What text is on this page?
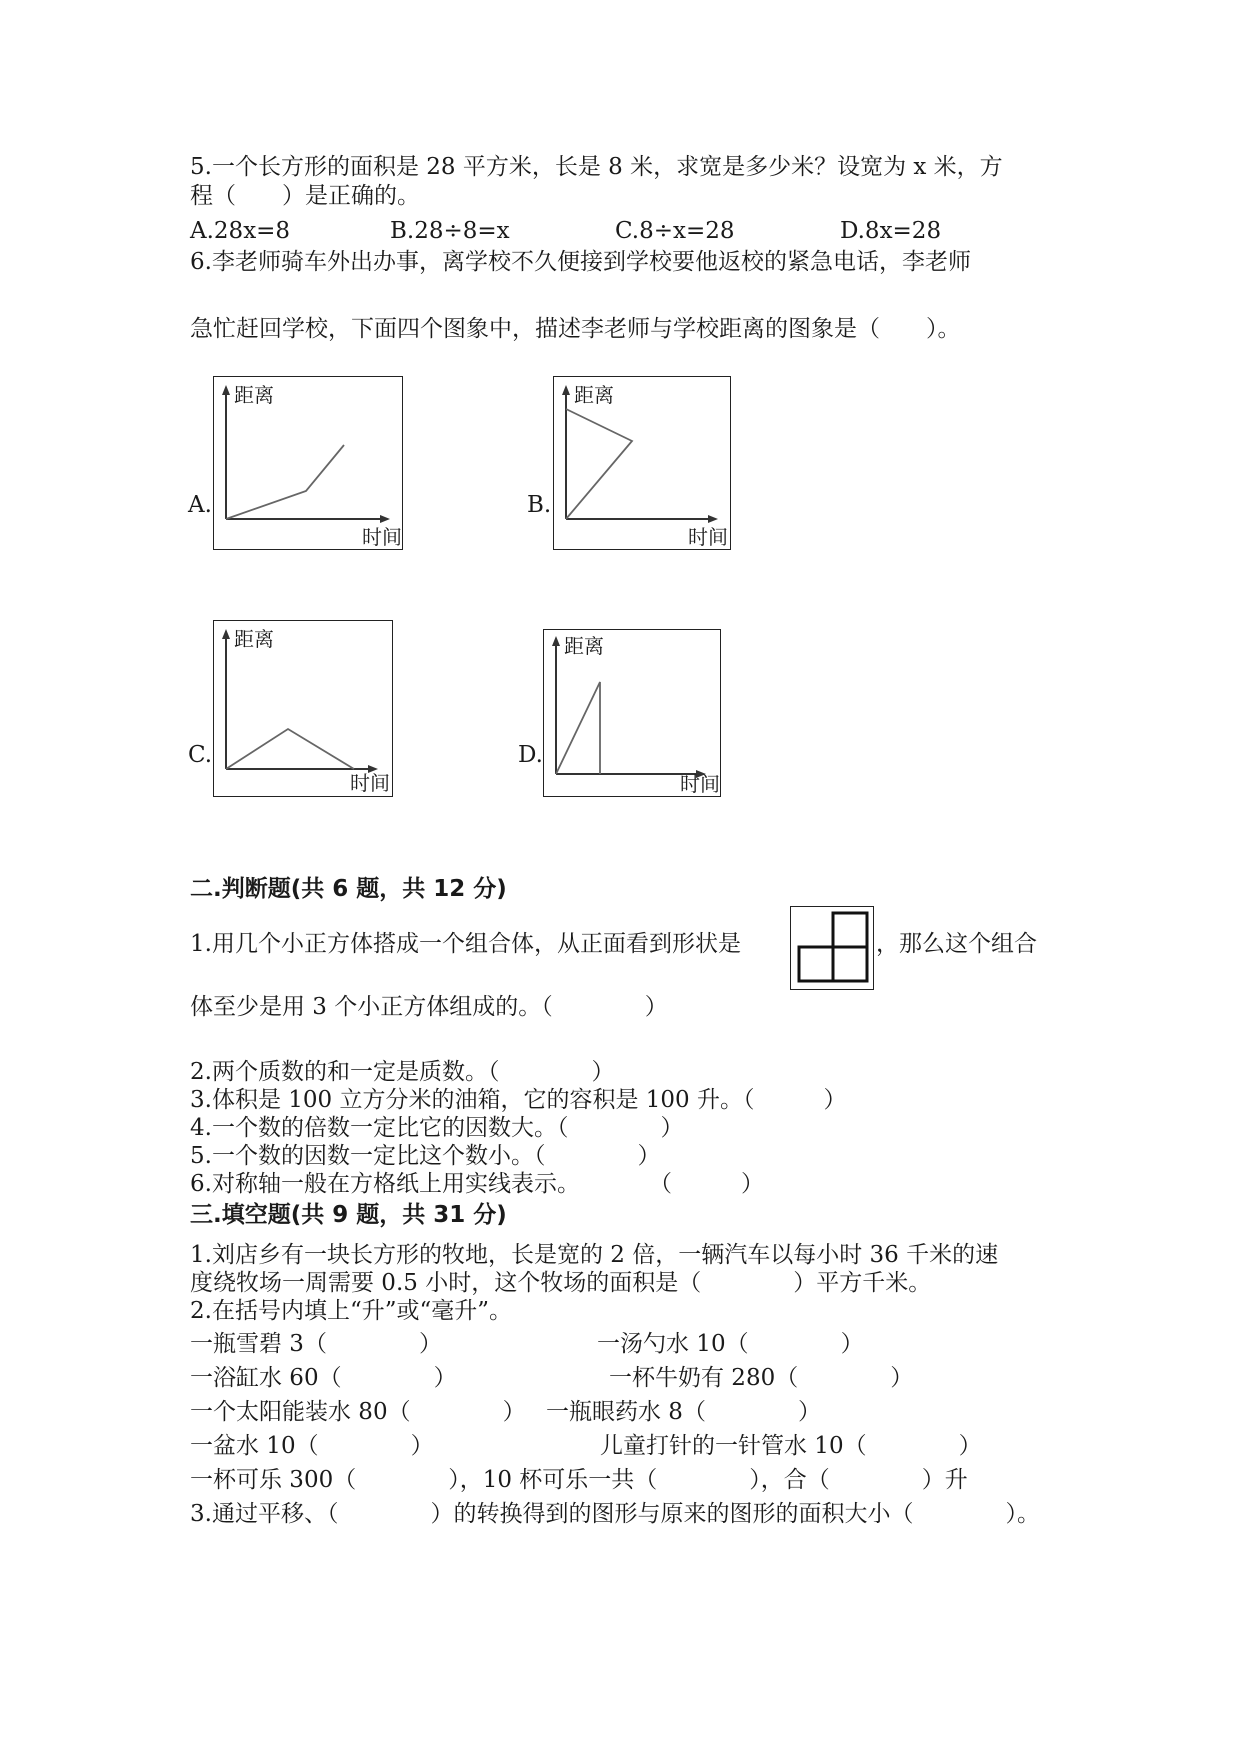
5.一个长方形的面积是 28 平方米，长是 8 米，求宽是多少米？设宽为 x 米，方
程（　　）是正确的。
A.28x=8	B.28÷8=x	C.8÷x=28	D.8x=28
6.李老师骑车外出办事，离学校不久便接到学校要他返校的紧急电话，李老师
急忙赶回学校，下面四个图象中，描述李老师与学校距离的图象是（　　）。
A.
距离
时间
B.
距离
时间
C.
距离
时间
D.
距离
时间
二.判断题(共 6 题，共 12 分)
1.用几个小正方体搭成一个组合体，从正面看到形状是	，那么这个组合
体至少是用 3 个小正方体组成的。（　　　　）
2.两个质数的和一定是质数。（　　　　）
3.体积是 100 立方分米的油箱，它的容积是 100 升。（　　　）
4.一个数的倍数一定比它的因数大。（　　　　）
5.一个数的因数一定比这个数小。（　　　　）
6.对称轴一般在方格纸上用实线表示。　　　　（　　　）
三.填空题(共 9 题，共 31 分)
1.刘店乡有一块长方形的牧地，长是宽的 2 倍，一辆汽车以每小时 36 千米的速
度绕牧场一周需要 0.5 小时，这个牧场的面积是（　　　　）平方千米。
2.在括号内填上“升”或“毫升”。
一瓶雪碧 3（　　　　）	一汤勺水 10（　　　　）
一浴缸水 60（　　　　）	一杯牛奶有 280（　　　　）
一个太阳能装水 80（　　　　） 一瓶眼药水 8（　　　　）
一盆水 10（　　　　）	儿童打针的一针管水 10（　　　　）
一杯可乐 300（　　　　），10 杯可乐一共（　　　　），合（　　　　）升
3.通过平移、（　　　　）的转换得到的图形与原来的图形的面积大小（　　　　）。
